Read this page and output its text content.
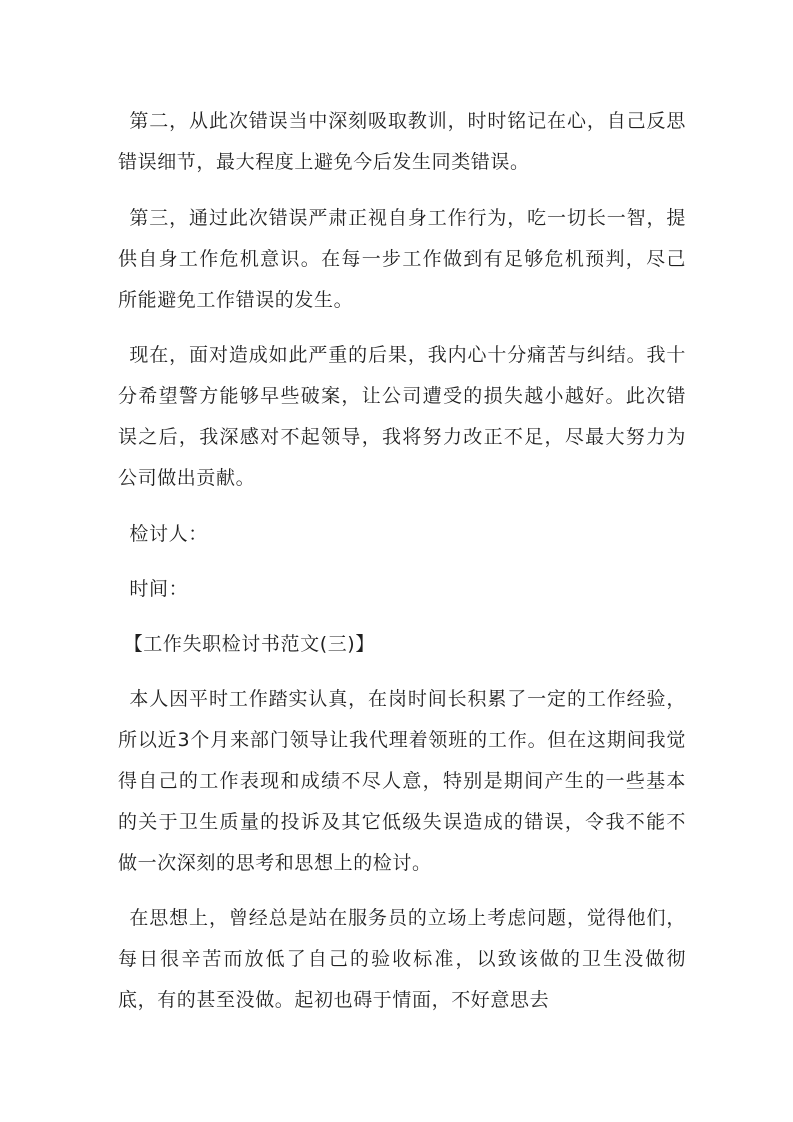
第二，从此次错误当中深刻吸取教训，时时铭记在心，自己反思错误细节，最大程度上避免今后发生同类错误。

第三，通过此次错误严肃正视自身工作行为，吃一切长一智，提供自身工作危机意识。在每一步工作做到有足够危机预判，尽己所能避免工作错误的发生。

现在，面对造成如此严重的后果，我内心十分痛苦与纠结。我十分希望警方能够早些破案，让公司遭受的损失越小越好。此次错误之后，我深感对不起领导，我将努力改正不足，尽最大努力为公司做出贡献。

检讨人：

时间：

【工作失职检讨书范文(三)】

本人因平时工作踏实认真，在岗时间长积累了一定的工作经验，所以近3个月来部门领导让我代理着领班的工作。但在这期间我觉得自己的工作表现和成绩不尽人意，特别是期间产生的一些基本的关于卫生质量的投诉及其它低级失误造成的错误，令我不能不做一次深刻的思考和思想上的检讨。

在思想上，曾经总是站在服务员的立场上考虑问题，觉得他们，每日很辛苦而放低了自己的验收标准，以致该做的卫生没做彻底，有的甚至没做。起初也碍于情面，不好意思去
